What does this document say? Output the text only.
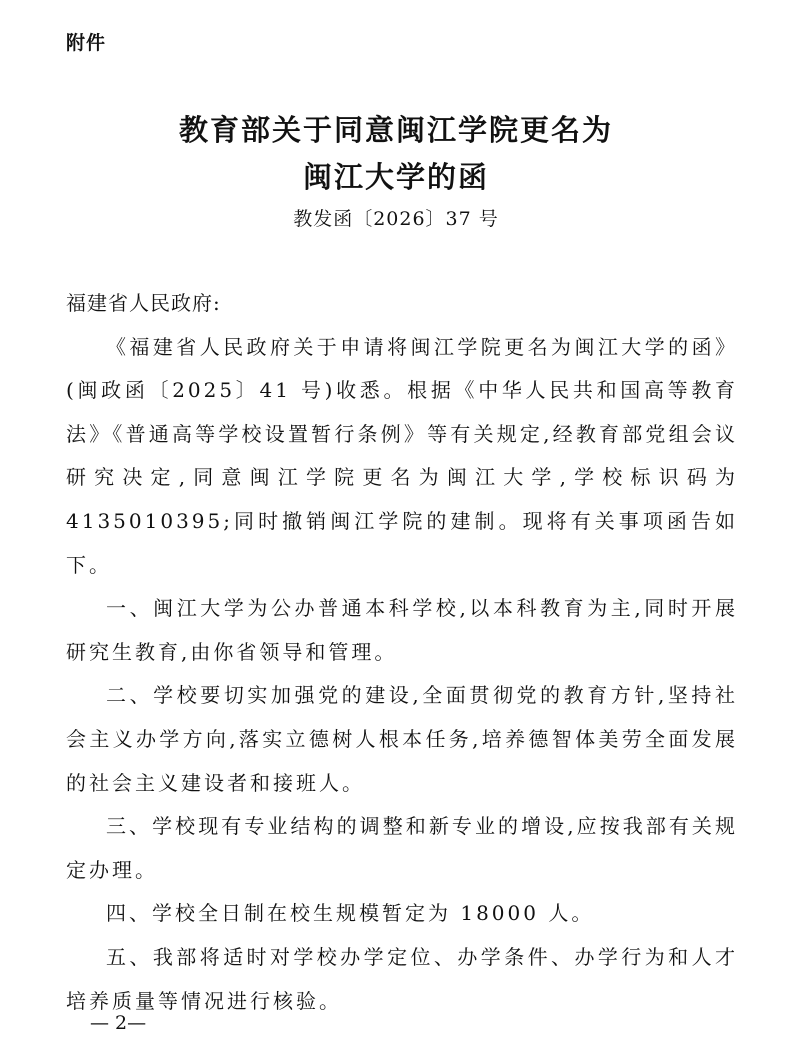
附件
教育部关于同意闽江学院更名为
闽江大学的函
教发函〔2026〕37 号

福建省人民政府:

《福建省人民政府关于申请将闽江学院更名为闽江大学的函》(闽政函〔2025〕41 号)收悉。根据《中华人民共和国高等教育法》《普通高等学校设置暂行条例》等有关规定,经教育部党组会议研究决定,同意闽江学院更名为闽江大学,学校标识码为4135010395;同时撤销闽江学院的建制。现将有关事项函告如下。

一、闽江大学为公办普通本科学校,以本科教育为主,同时开展研究生教育,由你省领导和管理。

二、学校要切实加强党的建设,全面贯彻党的教育方针,坚持社会主义办学方向,落实立德树人根本任务,培养德智体美劳全面发展的社会主义建设者和接班人。

三、学校现有专业结构的调整和新专业的增设,应按我部有关规定办理。

四、学校全日制在校生规模暂定为 18000 人。

五、我部将适时对学校办学定位、办学条件、办学行为和人才培养质量等情况进行核验。

— 2—
